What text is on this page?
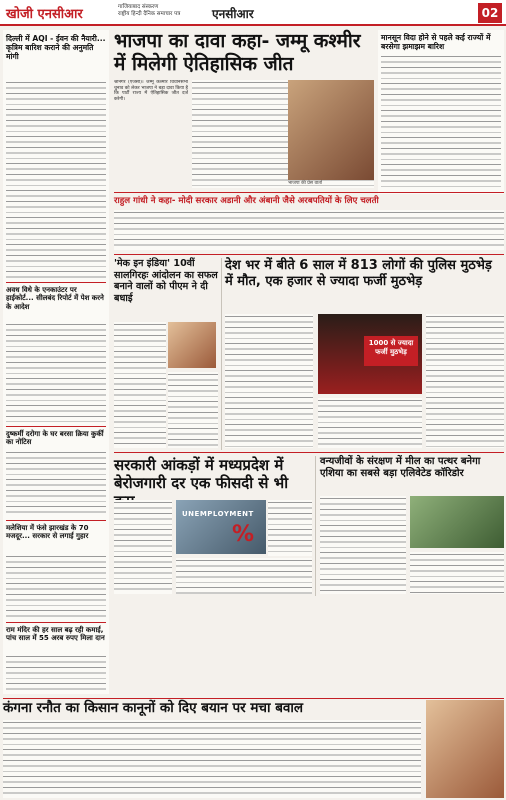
खोजी एनसीआर	गाजियाबाद संस्करण
राष्ट्रीय हिन्दी दैनिक समाचार पत्र	एनसीआर	02
दिल्ली में AQI - ईवन की नैयारी... कृत्रिम बारिश कराने की अनुमति मांगी
अवध विधे के एनकाउंटर पर हाईकोर्ट... सीलबंद रिपोर्ट में पेश करने के आदेश
दुष्कर्मी दरोगा के घर बरसा क्रिया कुर्की का नोटिस
मलेशिया में फंसे झारखंड के 70 मजदूर... सरकार से लगाई गुहार
राम मंदिर की हर साल बढ़ रही कमाई, पांच साल में 55 अरब रुपए मिला दान
भाजपा का दावा कहा- जम्मू कश्मीर में मिलेगी ऐतिहासिक जीत
श्रीनगर (एजेंसी)। जम्मू कश्मीर विधानसभा चुनाव को लेकर भाजपा ने बड़ा दावा किया है कि पार्टी राज्य में ऐतिहासिक जीत दर्ज करेगी।
भाजपा की प्रेस वार्ता
मानसून विदा होने से पहले कई राज्यों में बरसेगा झमाझम बारिश
राहुल गांधी ने कहा- मोदी सरकार अडानी और अंबानी जैसे अरबपतियों के लिए चलती
'मेक इन इंडिया' 10वीं सालगिरहः आंदोलन का सफल बनाने वालों को पीएम ने दी बधाई
देश भर में बीते 6 साल में 813 लोगों की पुलिस मुठभेड़ में मौत, एक हजार से ज्यादा फर्जी मुठभेड़
1000 से ज्यादा
फर्जी मुठभेड़
सरकारी आंकड़ों में मध्यप्रदेश में बेरोजगारी दर एक फीसदी से भी
UNEMPLOYMENT
%
वन्यजीवों के संरक्षण में मील का पत्थर बनेगा एशिया का सबसे बड़ा एलिवेटेड कॉरिडोर
कंगना रनौत का किसान कानूनों को दिए बयान पर मचा बवाल
